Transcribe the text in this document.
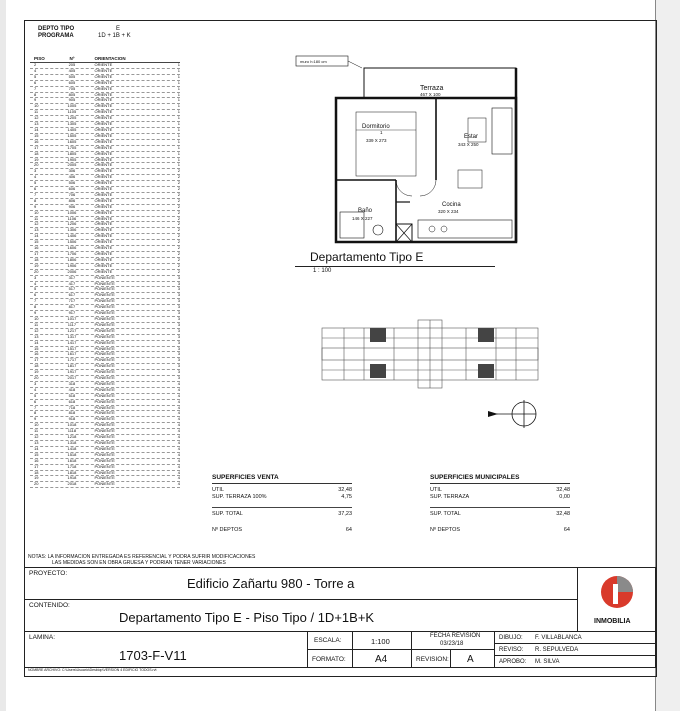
DEPTO TIPO	E
PROGRAMA	1D + 1B + K
PISO	Nº	ORIENTACION
2	205	ORIENTE	1
4	405	ORIENTE	1
5	505	ORIENTE	1
6	605	ORIENTE	1
7	705	ORIENTE	1
8	805	ORIENTE	1
9	905	ORIENTE	1
10	1005	ORIENTE	1
11	1105	ORIENTE	1
12	1205	ORIENTE	1
13	1305	ORIENTE	1
14	1405	ORIENTE	1
15	1505	ORIENTE	1
16	1605	ORIENTE	1
17	1705	ORIENTE	1
18	1805	ORIENTE	1
19	1905	ORIENTE	1
20	2005	ORIENTE	1
3	306	ORIENTE	2
4	406	ORIENTE	2
5	506	ORIENTE	2
6	606	ORIENTE	2
7	706	ORIENTE	2
8	806	ORIENTE	2
9	906	ORIENTE	2
10	1006	ORIENTE	2
11	1106	ORIENTE	2
12	1206	ORIENTE	2
13	1306	ORIENTE	2
14	1406	ORIENTE	2
15	1506	ORIENTE	2
16	1606	ORIENTE	2
17	1706	ORIENTE	2
18	1806	ORIENTE	2
19	1906	ORIENTE	2
20	2006	ORIENTE	2
3	317	PONIENTE	3
4	417	PONIENTE	3
5	517	PONIENTE	3
6	617	PONIENTE	3
7	717	PONIENTE	3
8	817	PONIENTE	3
9	917	PONIENTE	3
10	1017	PONIENTE	3
11	1117	PONIENTE	3
12	1217	PONIENTE	3
13	1317	PONIENTE	3
14	1417	PONIENTE	3
15	1517	PONIENTE	3
16	1617	PONIENTE	3
17	1717	PONIENTE	3
18	1817	PONIENTE	3
19	1917	PONIENTE	3
20	2017	PONIENTE	3
3	318	PONIENTE	4
4	418	PONIENTE	4
5	518	PONIENTE	4
6	618	PONIENTE	4
7	718	PONIENTE	4
8	818	PONIENTE	4
9	918	PONIENTE	4
10	1018	PONIENTE	4
11	1118	PONIENTE	4
12	1218	PONIENTE	4
13	1318	PONIENTE	4
14	1418	PONIENTE	4
15	1518	PONIENTE	4
16	1618	PONIENTE	4
17	1718	PONIENTE	4
18	1818	PONIENTE	4
19	1918	PONIENTE	4
20	2018	PONIENTE	4
muro h:180 cm
Terraza
467 X 100
Dormitorio
1
339 X 273
Estar
343 X 250
Cocina
320 X 234
Baño
146 X 227
Departamento Tipo E
1 : 100
SUPERFICIES VENTA
UTIL	32,48
SUP. TERRAZA 100%	4,75
SUP. TOTAL	37,23
Nº DEPTOS	64
SUPERFICIES MUNICIPALES
UTIL	32,48
SUP. TERRAZA	0,00
SUP. TOTAL	32,48
Nº DEPTOS	64
NOTAS: LA INFORMACION ENTREGADA ES REFERENCIAL Y PODRA SUFRIR MODIFICACIONES
LAS MEDIDAS SON EN OBRA GRUESA Y PODRIAN TENER VARIACIONES
PROYECTO:
Edificio Zañartu 980 - Torre a
CONTENIDO:
Departamento Tipo E - Piso Tipo / 1D+1B+K	INMOBILIA
LAMINA:
1703-F-V11
ESCALA:	1:100
FECHA REVISION
03/23/18
FORMATO:	A4	REVISION: A
DIBUJO: F. VILLABLANCA
REVISO: R. SEPULVEDA
APROBO: M. SILVA
NOMBRE ARCHIVO: C:\Users\Usuario\Desktop\VERSION 4 EDIFICIO TODOS.rvt
